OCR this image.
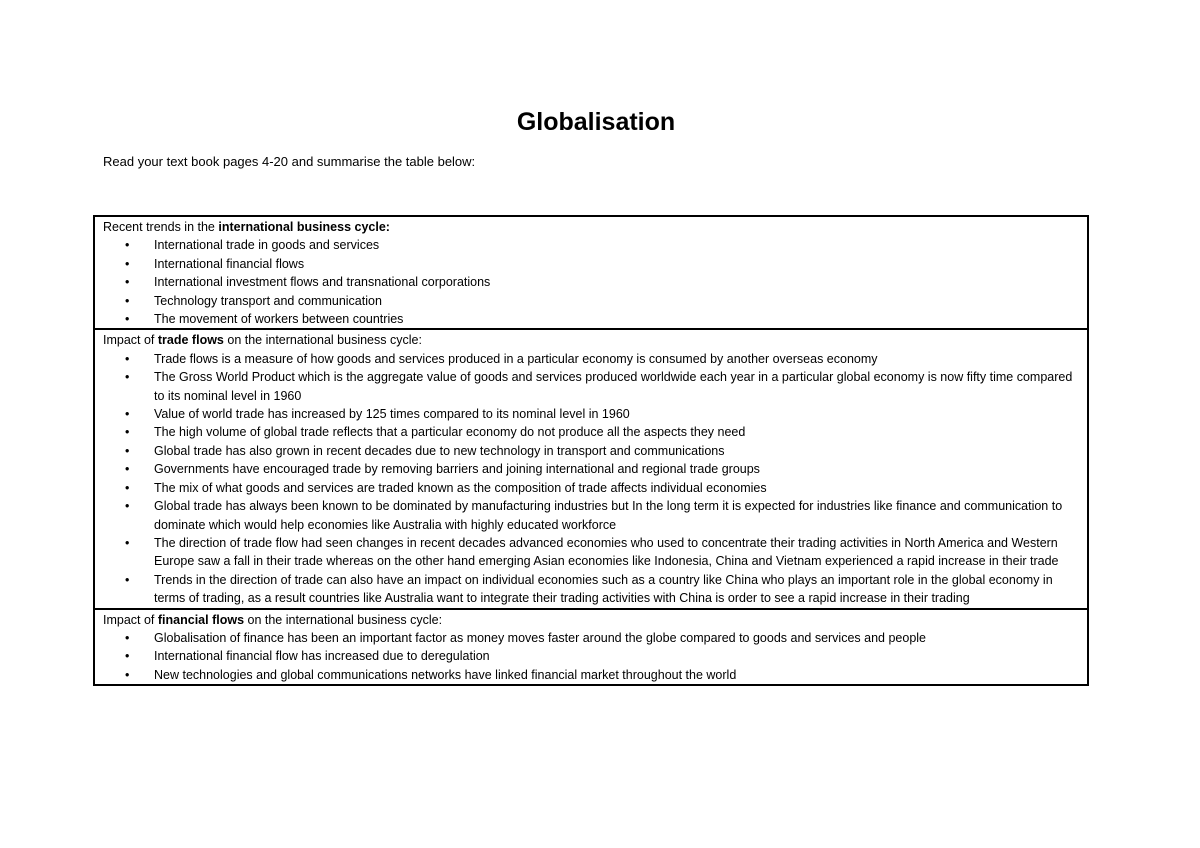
Globalisation
Read your text book pages 4-20 and summarise the table below:
Recent trends in the international business cycle:
•	International trade in goods and services
•	International financial flows
•	International investment flows and transnational corporations
•	Technology transport and communication
•	The movement of workers between countries
Impact of trade flows on the international business cycle:
•	Trade flows is a measure of how goods and services produced in a particular economy is consumed by another overseas economy
•	The Gross World Product which is the aggregate value of goods and services produced worldwide each year in a particular global economy is now fifty time compared to its nominal level in 1960
•	Value of world trade has increased by 125 times compared to its nominal level in 1960
•	The high volume of global trade reflects that a particular economy do not produce all the aspects they need
•	Global trade has also grown in recent decades due to new technology in transport and communications
•	Governments have encouraged trade by removing barriers and joining international and regional trade groups
•	The mix of what goods and services are traded known as the composition of trade affects individual economies
•	Global trade has always been known to be dominated by manufacturing industries but In the long term it is expected for industries like finance and communication to dominate which would help economies like Australia with highly educated workforce
•	The direction of trade flow had seen changes in recent decades advanced economies who used to concentrate their trading activities in North America and Western Europe saw a fall in their trade whereas on the other hand emerging Asian economies like Indonesia, China and Vietnam experienced a rapid increase in their trade
•	Trends in the direction of trade can also have an impact on individual economies such as a country like China who plays an important role in the global economy in terms of trading, as a result countries like Australia want to integrate their trading activities with China is order to see a rapid increase in their trading
Impact of financial flows on the international business cycle:
•	Globalisation of finance has been an important factor as money moves faster around the globe compared to goods and services and people
•	International financial flow has increased due to deregulation
•	New technologies and global communications networks have linked financial market throughout the world
